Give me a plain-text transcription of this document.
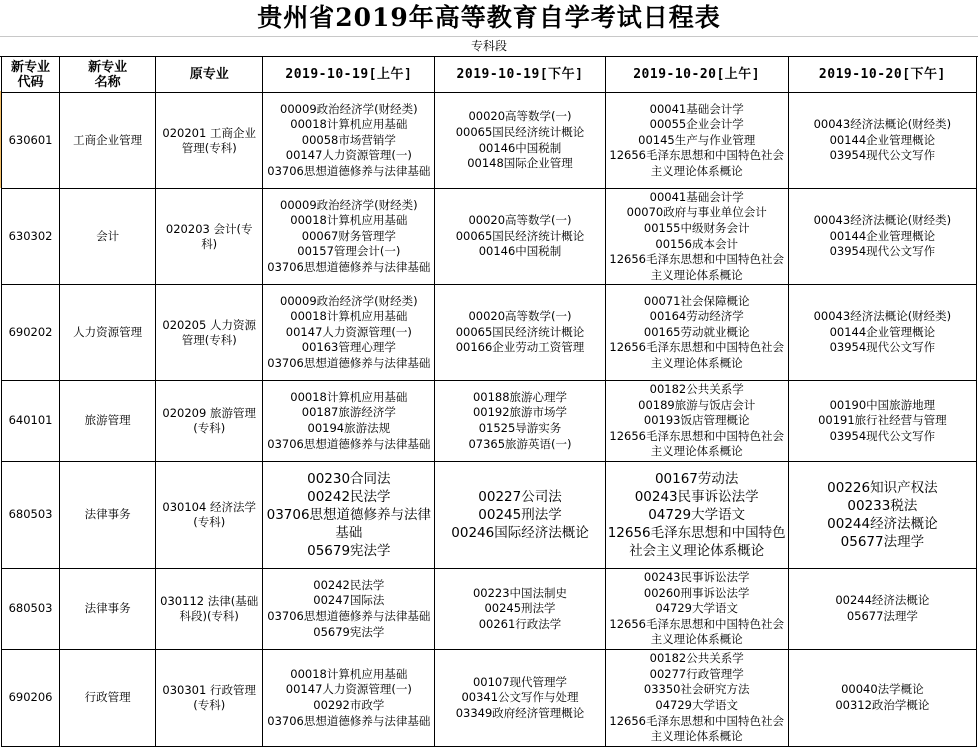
贵州省2019年高等教育自学考试日程表
专科段
新专业
代码	新专业
名称	原专业	2019-10-19[上午]	2019-10-19[下午]	2019-10-20[上午]	2019-10-20[下午]
630601	工商企业管理	020201 工商企业管理(专科)	00009政治经济学(财经类)
00018计算机应用基础
00058市场营销学
00147人力资源管理(一)
03706思想道德修养与法律基础	00020高等数学(一)
00065国民经济统计概论
00146中国税制
00148国际企业管理	00041基础会计学
00055企业会计学
00145生产与作业管理
12656毛泽东思想和中国特色社会主义理论体系概论	00043经济法概论(财经类)
00144企业管理概论
03954现代公文写作

630302	会计	020203 会计(专科)	00009政治经济学(财经类)
00018计算机应用基础
00067财务管理学
00157管理会计(一)
03706思想道德修养与法律基础	00020高等数学(一)
00065国民经济统计概论
00146中国税制	00041基础会计学
00070政府与事业单位会计
00155中级财务会计
00156成本会计
12656毛泽东思想和中国特色社会主义理论体系概论	00043经济法概论(财经类)
00144企业管理概论
03954现代公文写作

690202	人力资源管理	020205 人力资源管理(专科)	00009政治经济学(财经类)
00018计算机应用基础
00147人力资源管理(一)
00163管理心理学
03706思想道德修养与法律基础	00020高等数学(一)
00065国民经济统计概论
00166企业劳动工资管理	00071社会保障概论
00164劳动经济学
00165劳动就业概论
12656毛泽东思想和中国特色社会主义理论体系概论	00043经济法概论(财经类)
00144企业管理概论
03954现代公文写作

640101	旅游管理	020209 旅游管理(专科)	00018计算机应用基础
00187旅游经济学
00194旅游法规
03706思想道德修养与法律基础	00188旅游心理学
00192旅游市场学
01525导游实务
07365旅游英语(一)	00182公共关系学
00189旅游与饭店会计
00193饭店管理概论
12656毛泽东思想和中国特色社会主义理论体系概论	00190中国旅游地理
00191旅行社经营与管理
03954现代公文写作

680503	法律事务	030104 经济法学(专科)	00230合同法
00242民法学
03706思想道德修养与法律基础
05679宪法学	00227公司法
00245刑法学
00246国际经济法概论	00167劳动法
00243民事诉讼法学
04729大学语文
12656毛泽东思想和中国特色社会主义理论体系概论	00226知识产权法
00233税法
00244经济法概论
05677法理学

680503	法律事务	030112 法律(基础科段)(专科)	00242民法学
00247国际法
03706思想道德修养与法律基础
05679宪法学	00223中国法制史
00245刑法学
00261行政法学	00243民事诉讼法学
00260刑事诉讼法学
04729大学语文
12656毛泽东思想和中国特色社会主义理论体系概论	00244经济法概论
05677法理学

690206	行政管理	030301 行政管理(专科)	00018计算机应用基础
00147人力资源管理(一)
00292市政学
03706思想道德修养与法律基础	00107现代管理学
00341公文写作与处理
03349政府经济管理概论	00182公共关系学
00277行政管理学
03350社会研究方法
04729大学语文
12656毛泽东思想和中国特色社会主义理论体系概论	00040法学概论
00312政治学概论
